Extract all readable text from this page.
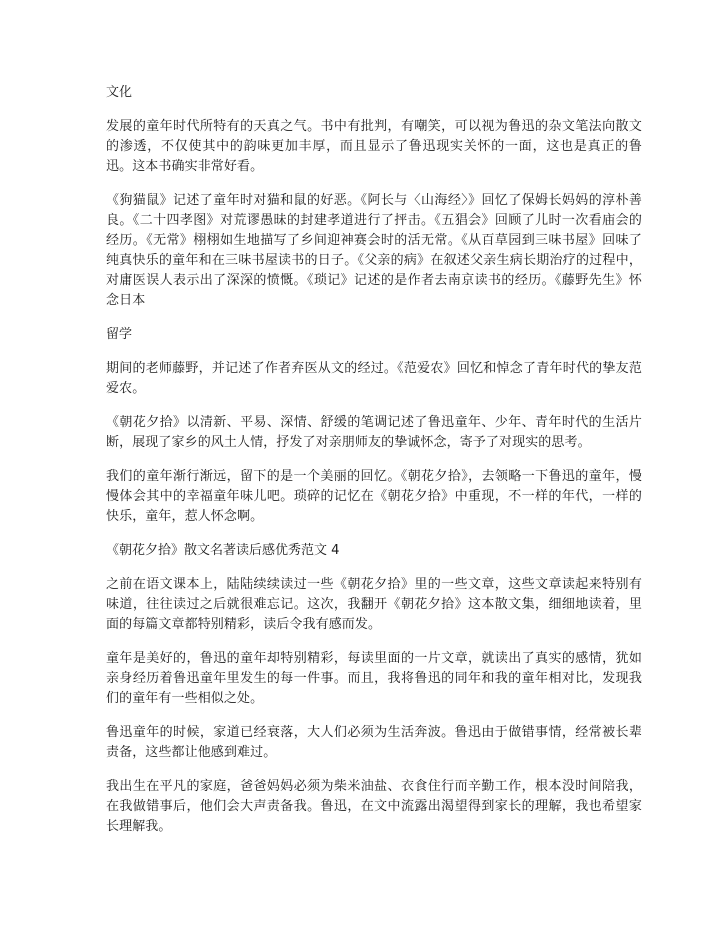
文化

发展的童年时代所特有的天真之气。书中有批判，有嘲笑，可以视为鲁迅的杂文笔法向散文的渗透，不仅使其中的韵味更加丰厚，而且显示了鲁迅现实关怀的一面，这也是真正的鲁迅。这本书确实非常好看。

《狗猫鼠》记述了童年时对猫和鼠的好恶。《阿长与〈山海经〉》回忆了保姆长妈妈的淳朴善良。《二十四孝图》对荒谬愚昧的封建孝道进行了抨击。《五猖会》回顾了儿时一次看庙会的经历。《无常》栩栩如生地描写了乡间迎神赛会时的活无常。《从百草园到三味书屋》回味了纯真快乐的童年和在三味书屋读书的日子。《父亲的病》在叙述父亲生病长期治疗的过程中，对庸医误人表示出了深深的愤慨。《琐记》记述的是作者去南京读书的经历。《藤野先生》怀念日本

留学

期间的老师藤野，并记述了作者弃医从文的经过。《范爱农》回忆和悼念了青年时代的挚友范爱农。

《朝花夕拾》以清新、平易、深情、舒缓的笔调记述了鲁迅童年、少年、青年时代的生活片断，展现了家乡的风土人情，抒发了对亲朋师友的挚诚怀念，寄予了对现实的思考。

我们的童年渐行渐远，留下的是一个美丽的回忆。《朝花夕拾》，去领略一下鲁迅的童年，慢慢体会其中的幸福童年味儿吧。琐碎的记忆在《朝花夕拾》中重现，不一样的年代，一样的快乐，童年，惹人怀念啊。

《朝花夕拾》散文名著读后感优秀范文 4

之前在语文课本上，陆陆续续读过一些《朝花夕拾》里的一些文章，这些文章读起来特别有味道，往往读过之后就很难忘记。这次，我翻开《朝花夕拾》这本散文集，细细地读着，里面的每篇文章都特别精彩，读后令我有感而发。

童年是美好的，鲁迅的童年却特别精彩，每读里面的一片文章，就读出了真实的感情，犹如亲身经历着鲁迅童年里发生的每一件事。而且，我将鲁迅的同年和我的童年相对比，发现我们的童年有一些相似之处。

鲁迅童年的时候，家道已经衰落，大人们必须为生活奔波。鲁迅由于做错事情，经常被长辈责备，这些都让他感到难过。

我出生在平凡的家庭，爸爸妈妈必须为柴米油盐、衣食住行而辛勤工作，根本没时间陪我，在我做错事后，他们会大声责备我。鲁迅，在文中流露出渴望得到家长的理解，我也希望家长理解我。
